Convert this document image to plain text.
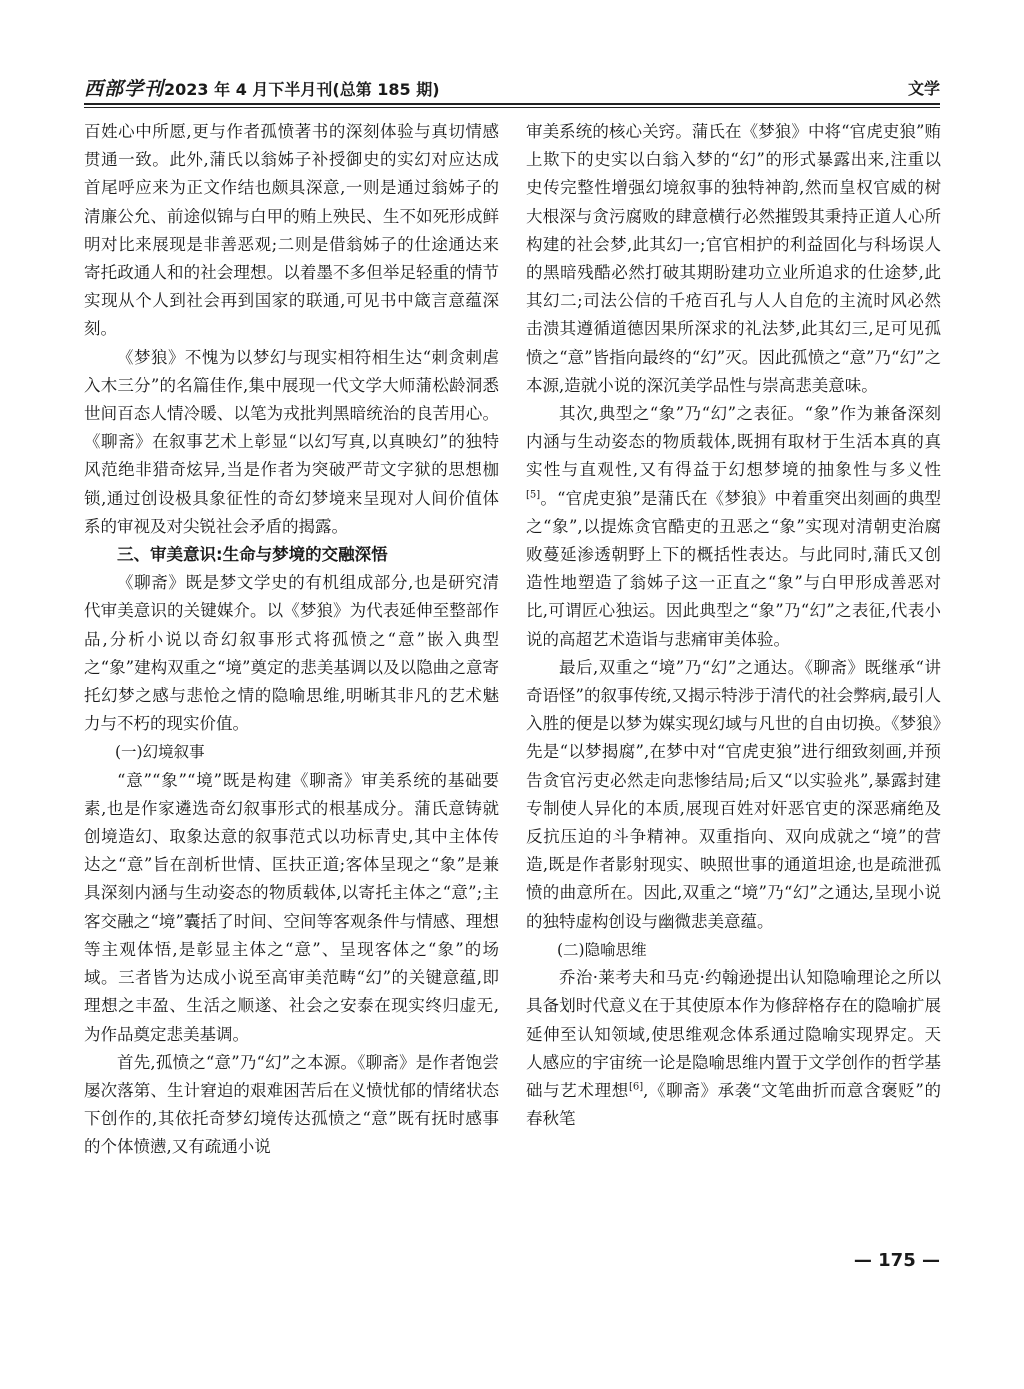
西部学刊 2023 年 4 月下半月刊(总第 185 期)	文学

百姓心中所愿,更与作者孤愤著书的深刻体验与真切情感贯通一致。此外,蒲氏以翁姊子补授御史的实幻对应达成首尾呼应来为正文作结也颇具深意,一则是通过翁姊子的清廉公允、前途似锦与白甲的贿上殃民、生不如死形成鲜明对比来展现是非善恶观;二则是借翁姊子的仕途通达来寄托政通人和的社会理想。以着墨不多但举足轻重的情节实现从个人到社会再到国家的联通,可见书中箴言意蕴深刻。

《梦狼》不愧为以梦幻与现实相符相生达“刺贪刺虐入木三分”的名篇佳作,集中展现一代文学大师蒲松龄洞悉世间百态人情冷暖、以笔为戎批判黑暗统治的良苦用心。《聊斋》在叙事艺术上彰显“以幻写真,以真映幻”的独特风范绝非猎奇炫异,当是作者为突破严苛文字狱的思想枷锁,通过创设极具象征性的奇幻梦境来呈现对人间价值体系的审视及对尖锐社会矛盾的揭露。

三、审美意识:生命与梦境的交融深悟

《聊斋》既是梦文学史的有机组成部分,也是研究清代审美意识的关键媒介。以《梦狼》为代表延伸至整部作品,分析小说以奇幻叙事形式将孤愤之“意”嵌入典型之“象”建构双重之“境”奠定的悲美基调以及以隐曲之意寄托幻梦之感与悲怆之情的隐喻思维,明晰其非凡的艺术魅力与不朽的现实价值。

(一)幻境叙事

“意”“象”“境”既是构建《聊斋》审美系统的基础要素,也是作家遴选奇幻叙事形式的根基成分。蒲氏意铸就创境造幻、取象达意的叙事范式以功标青史,其中主体传达之“意”旨在剖析世情、匡扶正道;客体呈现之“象”是兼具深刻内涵与生动姿态的物质载体,以寄托主体之“意”;主客交融之“境”囊括了时间、空间等客观条件与情感、理想等主观体悟,是彰显主体之“意”、呈现客体之“象”的场域。三者皆为达成小说至高审美范畴“幻”的关键意蕴,即理想之丰盈、生活之顺遂、社会之安泰在现实终归虚无,为作品奠定悲美基调。

首先,孤愤之“意”乃“幻”之本源。《聊斋》是作者饱尝屡次落第、生计窘迫的艰难困苦后在义愤忧郁的情绪状态下创作的,其依托奇梦幻境传达孤愤之“意”既有抚时感事的个体愤懑,又有疏通小说

审美系统的核心关窍。蒲氏在《梦狼》中将“官虎吏狼”贿上欺下的史实以白翁入梦的“幻”的形式暴露出来,注重以史传完整性增强幻境叙事的独特神韵,然而皇权官威的树大根深与贪污腐败的肆意横行必然摧毁其秉持正道人心所构建的社会梦,此其幻一;官官相护的利益固化与科场误人的黑暗残酷必然打破其期盼建功立业所追求的仕途梦,此其幻二;司法公信的千疮百孔与人人自危的主流时风必然击溃其遵循道德因果所深求的礼法梦,此其幻三,足可见孤愤之“意”皆指向最终的“幻”灭。因此孤愤之“意”乃“幻”之本源,造就小说的深沉美学品性与崇高悲美意味。

其次,典型之“象”乃“幻”之表征。“象”作为兼备深刻内涵与生动姿态的物质载体,既拥有取材于生活本真的真实性与直观性,又有得益于幻想梦境的抽象性与多义性[5]。“官虎吏狼”是蒲氏在《梦狼》中着重突出刻画的典型之“象”,以提炼贪官酷吏的丑恶之“象”实现对清朝吏治腐败蔓延渗透朝野上下的概括性表达。与此同时,蒲氏又创造性地塑造了翁姊子这一正直之“象”与白甲形成善恶对比,可谓匠心独运。因此典型之“象”乃“幻”之表征,代表小说的高超艺术造诣与悲痛审美体验。

最后,双重之“境”乃“幻”之通达。《聊斋》既继承“讲奇语怪”的叙事传统,又揭示特涉于清代的社会弊病,最引人入胜的便是以梦为媒实现幻域与凡世的自由切换。《梦狼》先是“以梦揭腐”,在梦中对“官虎吏狼”进行细致刻画,并预告贪官污吏必然走向悲惨结局;后又“以实验兆”,暴露封建专制使人异化的本质,展现百姓对奸恶官吏的深恶痛绝及反抗压迫的斗争精神。双重指向、双向成就之“境”的营造,既是作者影射现实、映照世事的通道坦途,也是疏泄孤愤的曲意所在。因此,双重之“境”乃“幻”之通达,呈现小说的独特虚构创设与幽微悲美意蕴。

(二)隐喻思维

乔治·莱考夫和马克·约翰逊提出认知隐喻理论之所以具备划时代意义在于其使原本作为修辞格存在的隐喻扩展延伸至认知领域,使思维观念体系通过隐喻实现界定。天人感应的宇宙统一论是隐喻思维内置于文学创作的哲学基础与艺术理想[6],《聊斋》承袭“文笔曲折而意含褒贬”的春秋笔

— 175 —
